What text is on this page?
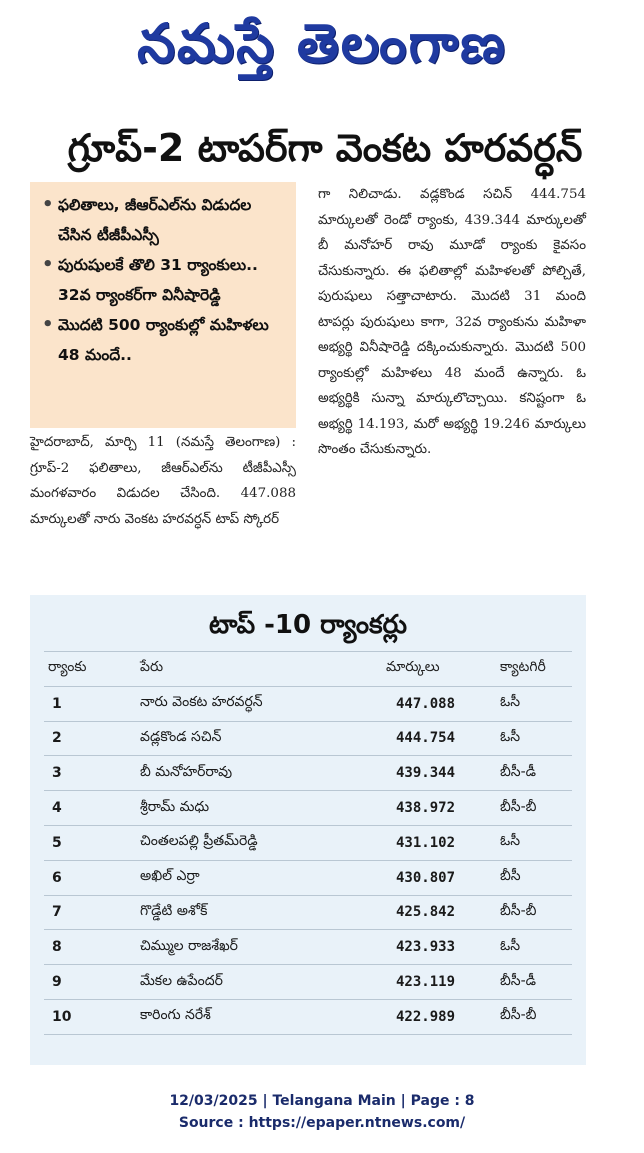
నమస్తే తెలంగాణ
గ్రూప్‌-2 టాపర్‌గా వెంకట హరవర్ధన్‌
• ఫలితాలు, జీఆర్‌ఎల్‌ను విడుదల చేసిన టీజీపీఎస్సీ
• పురుషులకే తొలి 31 ర్యాంకులు.. 32వ ర్యాంకర్‌గా వినీషారెడ్డి
• మొదటి 500 ర్యాంకుల్లో మహిళలు 48 మందే..

హైదరాబాద్‌, మార్చి 11 (నమస్తే తెలంగాణ) : గ్రూప్‌-2 ఫలితాలు, జీఆర్‌ఎల్‌ను టీజీపీఎస్సీ మంగళవారం విడుదల చేసింది. 447.088 మార్కులతో నారు వెంకట హరవర్ధన్‌ టాప్‌ స్కోరర్‌

గా నిలిచాడు. వడ్లకొండ సచిన్‌ 444.754 మార్కులతో రెండో ర్యాంకు, 439.344 మార్కులతో బీ మనోహర్‌ రావు మూడో ర్యాంకు కైవసం చేసుకున్నారు. ఈ ఫలితాల్లో మహిళలతో పోల్చితే, పురుషులు సత్తాచాటారు. మొదటి 31 మంది టాపర్లు పురుషులు కాగా, 32వ ర్యాంకును మహిళా అభ్యర్థి వినీషారెడ్డి దక్కించుకున్నారు. మొదటి 500 ర్యాంకుల్లో మహిళలు 48 మందే ఉన్నారు. ఓ అభ్యర్థికి సున్నా మార్కులొచ్చాయి. కనిష్టంగా ఓ అభ్యర్థి 14.193, మరో అభ్యర్థి 19.246 మార్కులు సొంతం చేసుకున్నారు.

టాప్‌ -10 ర్యాంకర్లు
ర్యాంకు	పేరు	మార్కులు	క్యాటగిరీ
1	నారు వెంకట హరవర్ధన్‌	447.088	ఓసీ
2	వడ్లకొండ సచిన్‌	444.754	ఓసీ
3	బీ మనోహర్‌రావు	439.344	బీసీ-డీ
4	శ్రీరామ్‌ మధు	438.972	బీసీ-బీ
5	చింతలపల్లి ప్రీతమ్‌రెడ్డి	431.102	ఓసీ
6	అఖిల్‌ ఎర్రా	430.807	బీసీ
7	గొడ్డేటి అశోక్‌	425.842	బీసీ-బీ
8	చిమ్ముల రాజశేఖర్‌	423.933	ఓసీ
9	మేకల ఉపేందర్‌	423.119	బీసీ-డీ
10	కారింగు నరేశ్‌	422.989	బీసీ-బీ
12/03/2025 | Telangana Main | Page : 8
Source : https://epaper.ntnews.com/
